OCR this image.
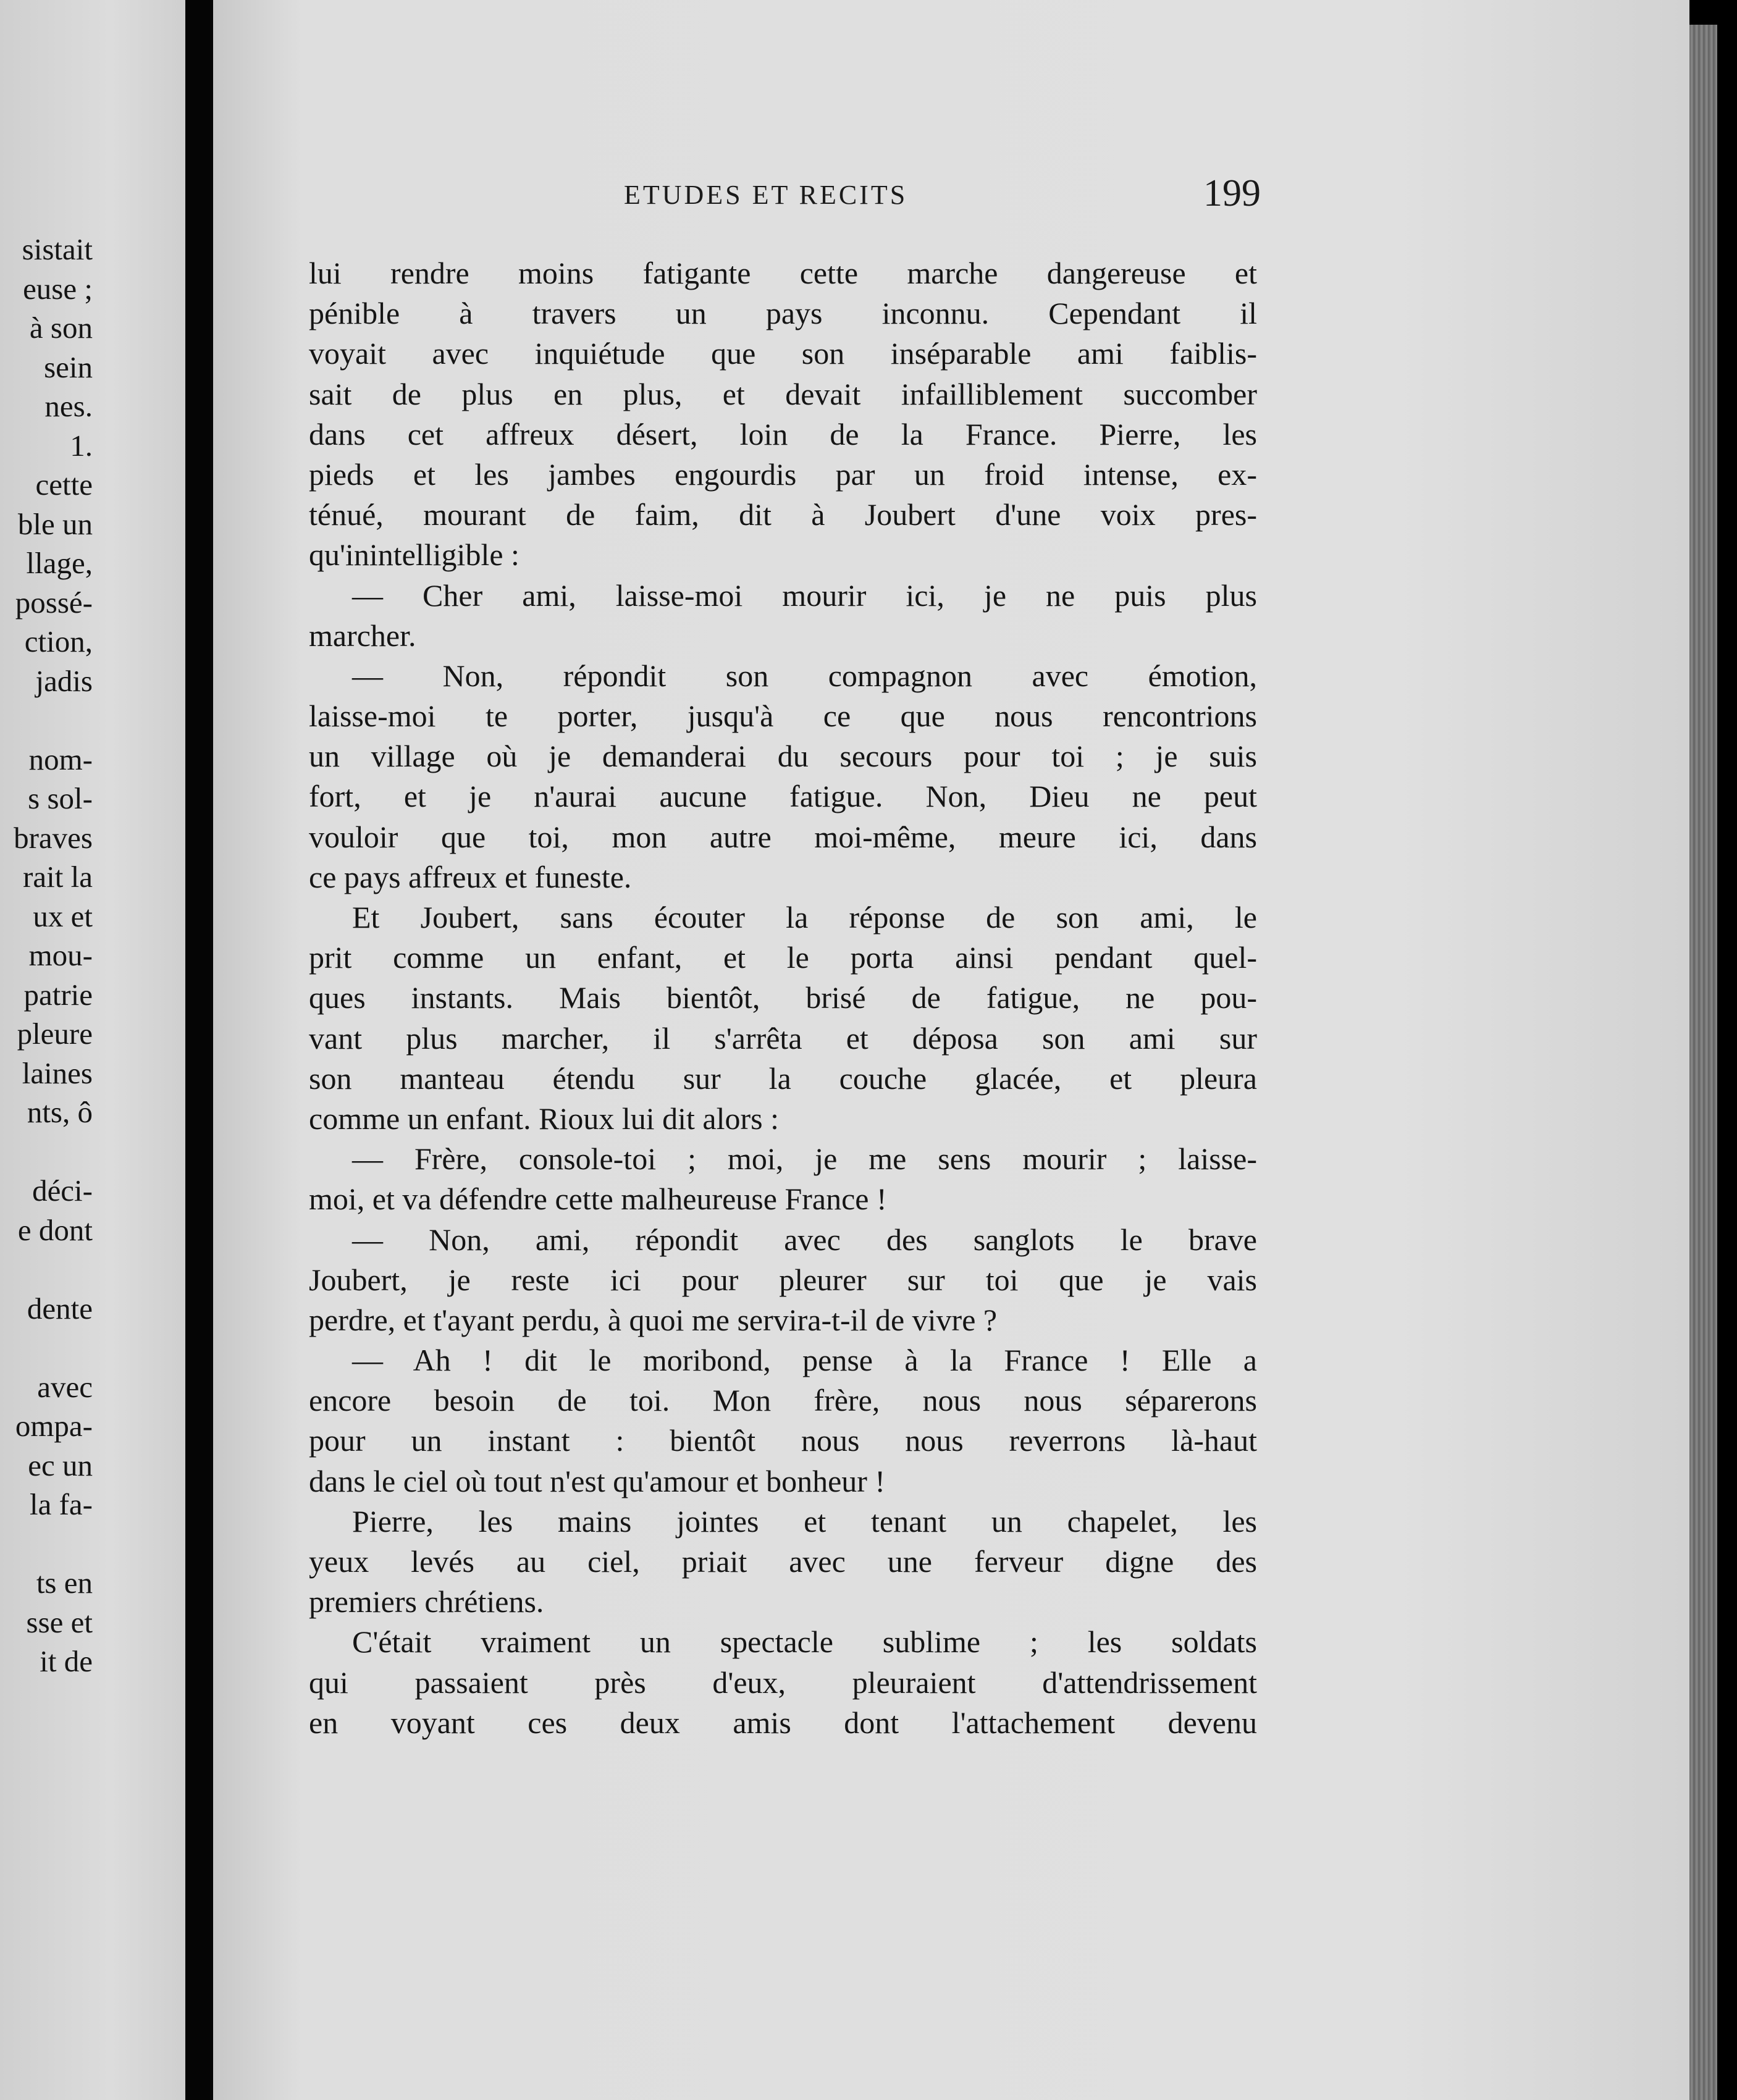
sistait
euse ;
à son
sein
nes.
1.
cette
ble un
llage,
possé-
ction,
jadis
nom-
s sol-
braves
rait la
ux et
mou-
patrie
pleure
laines
nts, ô
déci-
e dont
dente
avec
ompa-
ec un
la fa-
ts en
sse et
it de
ETUDES ET RECITS	199
lui rendre moins fatigante cette marche dangereuse et
pénible à travers un pays inconnu. Cependant il
voyait avec inquiétude que son inséparable ami faiblis-
sait de plus en plus, et devait infailliblement succomber
dans cet affreux désert, loin de la France. Pierre, les
pieds et les jambes engourdis par un froid intense, ex-
ténué, mourant de faim, dit à Joubert d'une voix pres-
qu'inintelligible :
— Cher ami, laisse-moi mourir ici, je ne puis plus
marcher.
— Non, répondit son compagnon avec émotion,
laisse-moi te porter, jusqu'à ce que nous rencontrions
un village où je demanderai du secours pour toi ; je suis
fort, et je n'aurai aucune fatigue. Non, Dieu ne peut
vouloir que toi, mon autre moi-même, meure ici, dans
ce pays affreux et funeste.
Et Joubert, sans écouter la réponse de son ami, le
prit comme un enfant, et le porta ainsi pendant quel-
ques instants. Mais bientôt, brisé de fatigue, ne pou-
vant plus marcher, il s'arrêta et déposa son ami sur
son manteau étendu sur la couche glacée, et pleura
comme un enfant. Rioux lui dit alors :
— Frère, console-toi ; moi, je me sens mourir ; laisse-
moi, et va défendre cette malheureuse France !
— Non, ami, répondit avec des sanglots le brave
Joubert, je reste ici pour pleurer sur toi que je vais
perdre, et t'ayant perdu, à quoi me servira-t-il de vivre ?
— Ah ! dit le moribond, pense à la France ! Elle a
encore besoin de toi. Mon frère, nous nous séparerons
pour un instant : bientôt nous nous reverrons là-haut
dans le ciel où tout n'est qu'amour et bonheur !
Pierre, les mains jointes et tenant un chapelet, les
yeux levés au ciel, priait avec une ferveur digne des
premiers chrétiens.
C'était vraiment un spectacle sublime ; les soldats
qui passaient près d'eux, pleuraient d'attendrissement
en voyant ces deux amis dont l'attachement devenu
